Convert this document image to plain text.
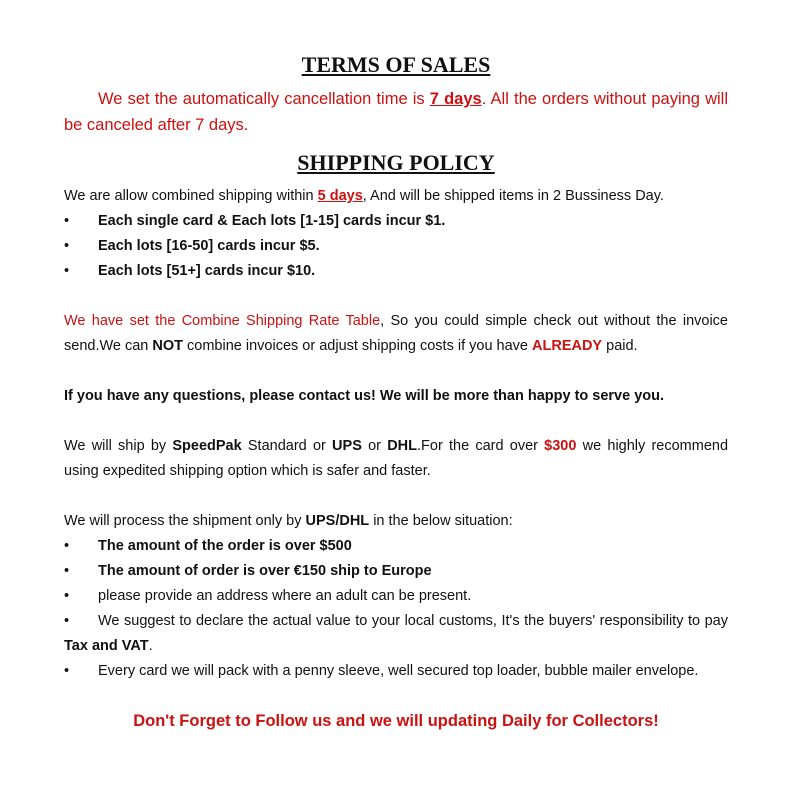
TERMS OF SALES

We set the automatically cancellation time is 7 days. All the orders without paying will be canceled after 7 days.

SHIPPING POLICY

We are allow combined shipping within 5 days, And will be shipped items in 2 Bussiness Day.

•	Each single card & Each lots [1-15] cards incur $1.
•	Each lots [16-50] cards incur $5.
•	Each lots [51+] cards incur $10.

We have set the Combine Shipping Rate Table, So you could simple check out without the invoice send.We can NOT combine invoices or adjust shipping costs if you have ALREADY paid.

If you have any questions, please contact us! We will be more than happy to serve you.

We will ship by SpeedPak Standard or UPS or DHL.For the card over $300 we highly recommend using expedited shipping option which is safer and faster.

We will process the shipment only by UPS/DHL in the below situation:

•	The amount of the order is over $500
•	The amount of order is over €150 ship to Europe
•	please provide an address where an adult can be present.

• We suggest to declare the actual value to your local customs, It's the buyers' responsibility to pay Tax and VAT.

• Every card we will pack with a penny sleeve, well secured top loader, bubble mailer envelope.

Don't Forget to Follow us and we will updating Daily for Collectors!
